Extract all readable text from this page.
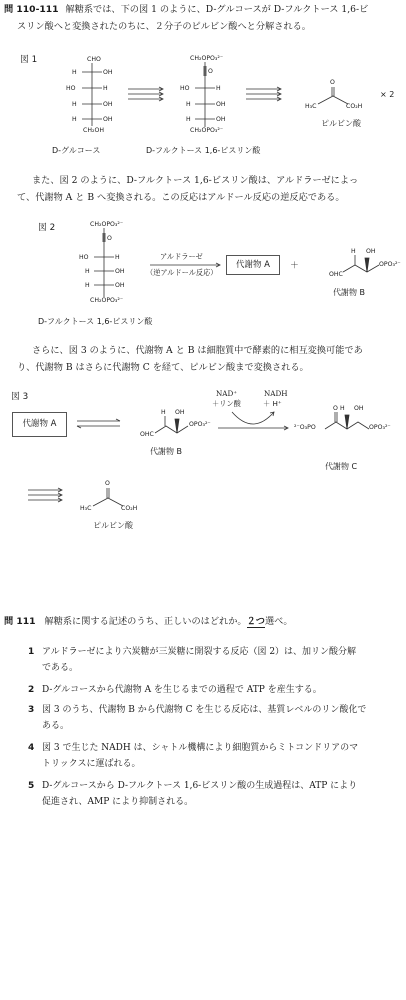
問 110-111 解糖系では、下の図 1 のように、D-グルコースが D-フルクトース 1,6-ビ
スリン酸へと変換されたのちに、２分子のピルビン酸へと分解される。
図 1	CHO
H	OH
HO	H
H	OH
H	OH
CH₂OH
D-グルコース
CH₂OPO₃²⁻
O
HO	H
H	OH
H	OH
CH₂OPO₃²⁻
D-フルクトース 1,6-ビスリン酸
O
H₃C	CO₂H
ピルビン酸
× 2
また、図 2 のように、D-フルクトース 1,6-ビスリン酸は、アルドラーゼによっ
て、代謝物 A と B へ変換される。この反応はアルドール反応の逆反応である。
図 2	CH₂OPO₃²⁻
O
HO	H
H	OH
H	OH
CH₂OPO₃²⁻
D-フルクトース 1,6-ビスリン酸
アルドラーゼ
（逆アルドール反応）
代謝物 A	＋
H OH
OHC
OPO₃²⁻
代謝物 B
さらに、図 3 のように、代謝物 A と B は細胞質中で酵素的に相互変換可能であ
り、代謝物 B はさらに代謝物 C を経て、ピルビン酸まで変換される。
図 3
代謝物 A
H OH
OHC
OPO₃²⁻
代謝物 B
NAD⁺
＋リン酸
NADH
＋ H⁺
²⁻O₃PO
O H OH
OPO₃²⁻
代謝物 C
O
H₃C	CO₂H
ピルビン酸
問 111 解糖系に関する記述のうち、正しいのはどれか。２つ選べ。
1 アルドラーゼにより六炭糖が三炭糖に開裂する反応（図 2）は、加リン酸分解
である。
2 D-グルコースから代謝物 A を生じるまでの過程で ATP を産生する。
3 図 3 のうち、代謝物 B から代謝物 C を生じる反応は、基質レベルのリン酸化で
ある。
4 図 3 で生じた NADH は、シャトル機構により細胞質からミトコンドリアのマ
トリックスに運ばれる。
5 D-グルコースから D-フルクトース 1,6-ビスリン酸の生成過程は、ATP により
促進され、AMP により抑制される。
